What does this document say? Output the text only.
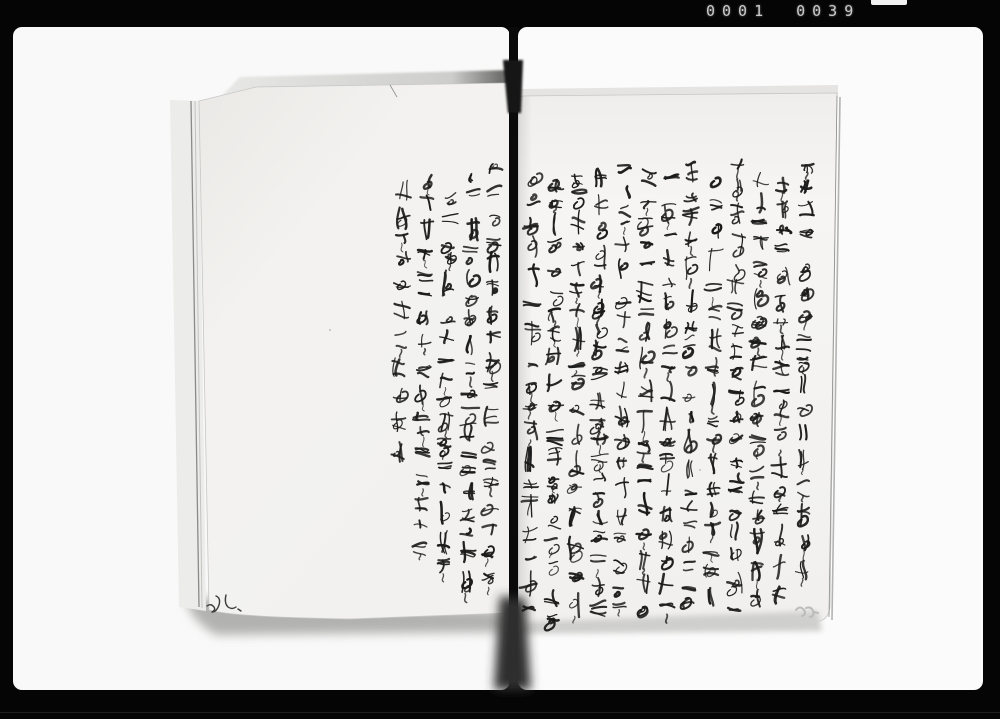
0001 0039
